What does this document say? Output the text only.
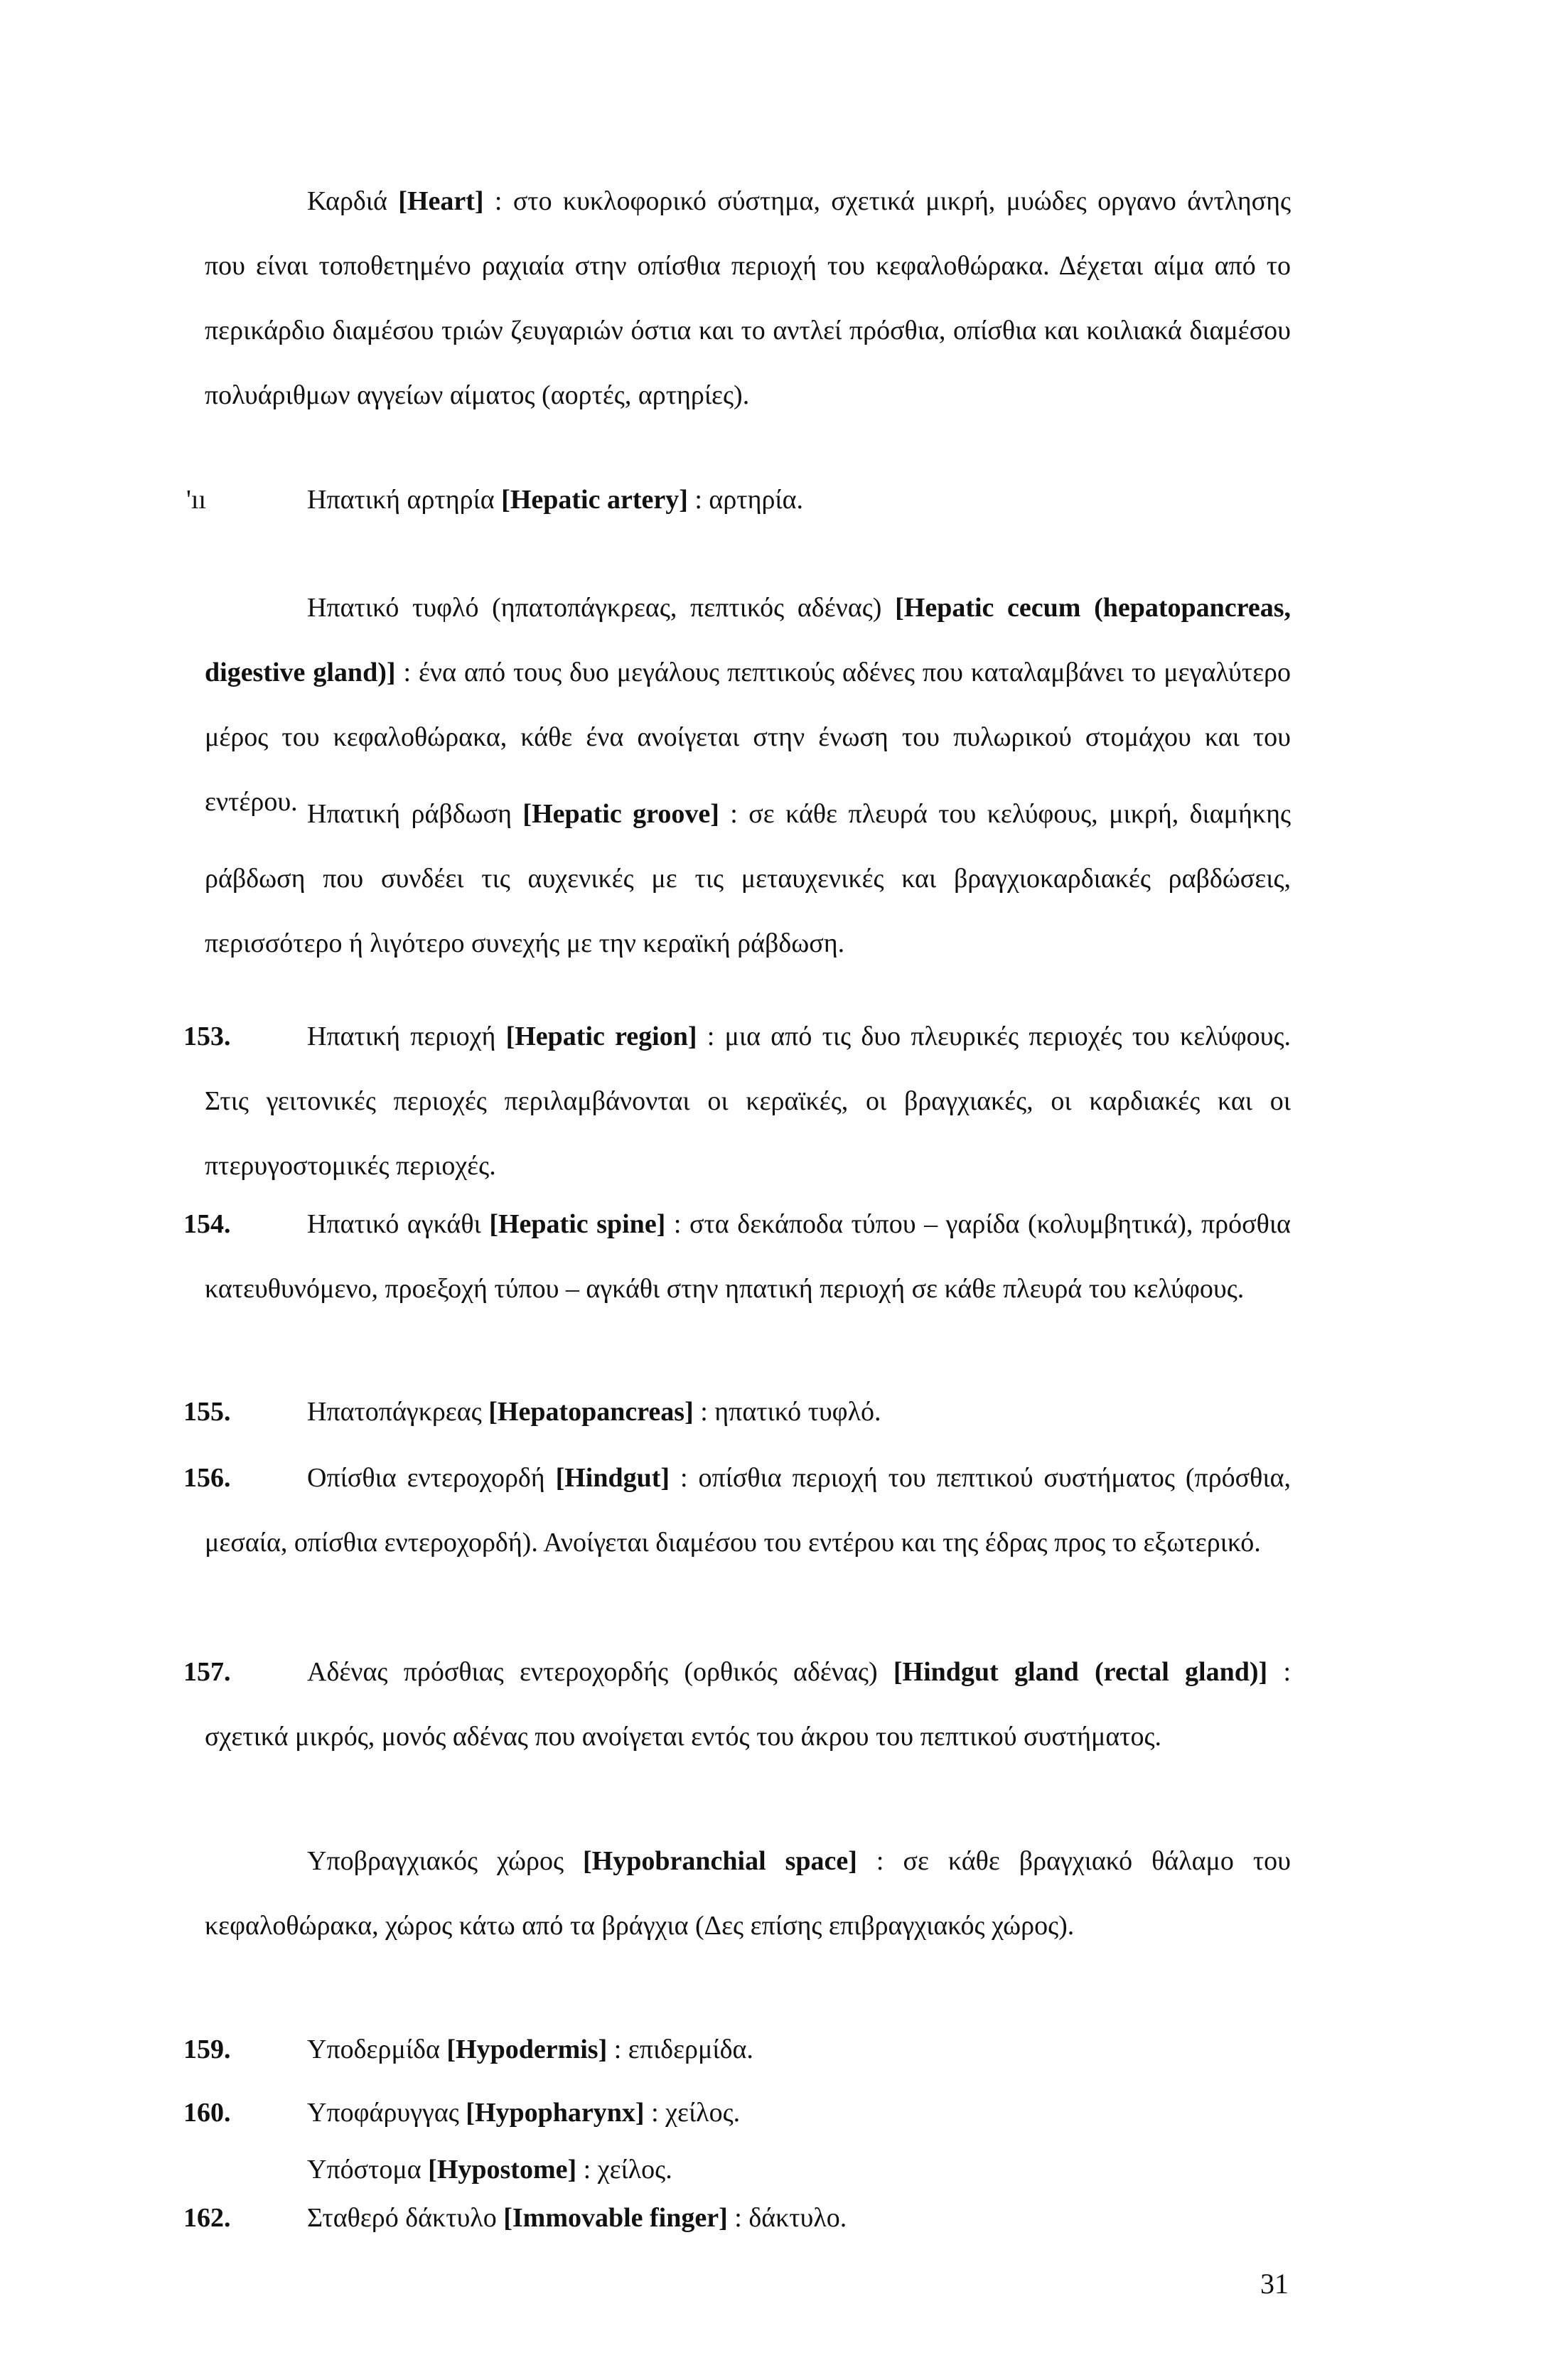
Καρδιά [Heart] : στο κυκλοφορικό σύστημα, σχετικά μικρή, μυώδες οργανο άντλησης που είναι τοποθετημένο ραχιαία στην οπίσθια περιοχή του κεφαλοθώρακα. Δέχεται αίμα από το περικάρδιο διαμέσου τριών ζευγαριών όστια και το αντλεί πρόσθια, οπίσθια και κοιλιακά διαμέσου πολυάριθμων αγγείων αίματος (αορτές, αρτηρίες).

'ıı	Ηπατική αρτηρία [Hepatic artery] : αρτηρία.

Ηπατικό τυφλό (ηπατοπάγκρεας, πεπτικός αδένας) [Hepatic cecum (hepatopancreas, digestive gland)] : ένα από τους δυο μεγάλους πεπτικούς αδένες που καταλαμβάνει το μεγαλύτερο μέρος του κεφαλοθώρακα, κάθε ένα ανοίγεται στην ένωση του πυλωρικού στομάχου και του εντέρου. Ηπατική ράβδωση [Hepatic groove] : σε κάθε πλευρά του κελύφους, μικρή, διαμήκης ράβδωση που συνδέει τις αυχενικές με τις μεταυχενικές και βραγχιοκαρδιακές ραβδώσεις, περισσότερο ή λιγότερο συνεχής με την κεραϊκή ράβδωση.

153.	Ηπατική περιοχή [Hepatic region] : μια από τις δυο πλευρικές περιοχές του κελύφους. Στις γειτονικές περιοχές περιλαμβάνονται οι κεραϊκές, οι βραγχιακές, οι καρδιακές και οι πτερυγοστομικές περιοχές.

154.	Ηπατικό αγκάθι [Hepatic spine] : στα δεκάποδα τύπου – γαρίδα (κολυμβητικά), πρόσθια κατευθυνόμενο, προεξοχή τύπου – αγκάθι στην ηπατική περιοχή σε κάθε πλευρά του κελύφους.

155.	Ηπατοπάγκρεας [Hepatopancreas] : ηπατικό τυφλό.

156.	Οπίσθια εντεροχορδή [Hindgut] : οπίσθια περιοχή του πεπτικού συστήματος (πρόσθια, μεσαία, οπίσθια εντεροχορδή). Ανοίγεται διαμέσου του εντέρου και της έδρας προς το εξωτερικό.

157.	Αδένας πρόσθιας εντεροχορδής (ορθικός αδένας) [Hindgut gland (rectal gland)] : σχετικά μικρός, μονός αδένας που ανοίγεται εντός του άκρου του πεπτικού συστήματος.

Υποβραγχιακός χώρος [Hypobranchial space] : σε κάθε βραγχιακό θάλαμο του κεφαλοθώρακα, χώρος κάτω από τα βράγχια (Δες επίσης επιβραγχιακός χώρος).

159.	Υποδερμίδα [Hypodermis] : επιδερμίδα.

160.	Υποφάρυγγας [Hypopharynx] : χείλος.

Υπόστομα [Hypostome] : χείλος.

162.	Σταθερό δάκτυλο [Immovable finger] : δάκτυλο.

31
